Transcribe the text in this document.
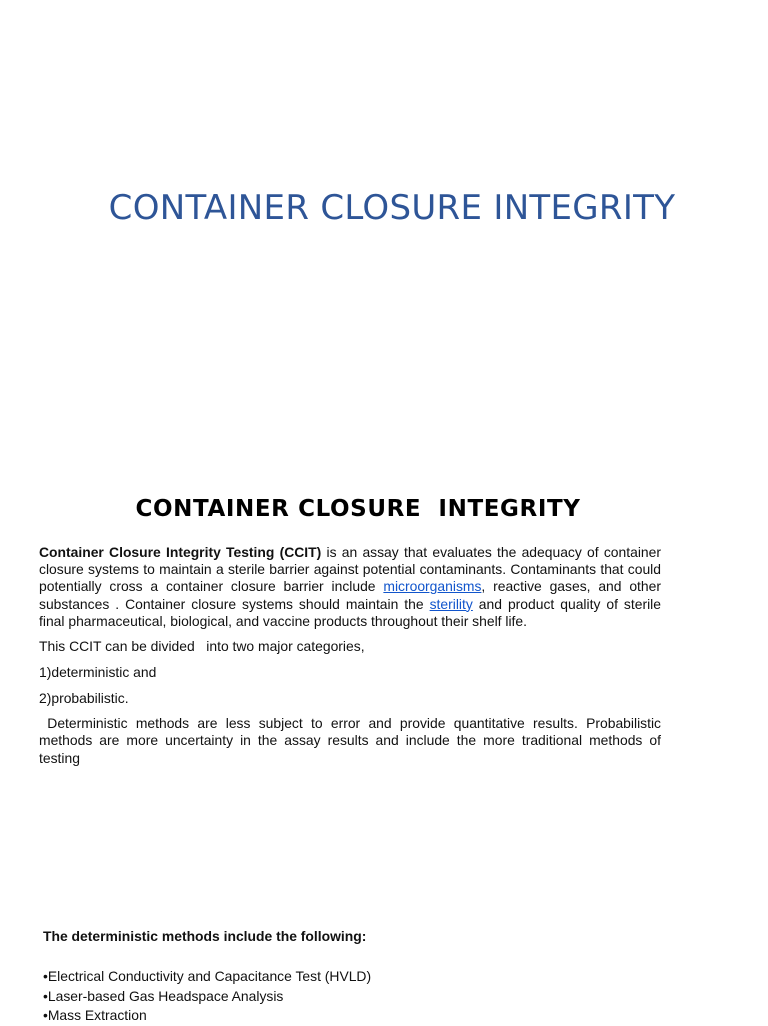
CONTAINER CLOSURE INTEGRITY
CONTAINER CLOSURE  INTEGRITY

Container Closure Integrity Testing (CCIT) is an assay that evaluates the adequacy of container closure systems to maintain a sterile barrier against potential contaminants. Contaminants that could potentially cross a container closure barrier include microorganisms, reactive gases, and other substances . Container closure systems should maintain the sterility and product quality of sterile final pharmaceutical, biological, and vaccine products throughout their shelf life.

This CCIT can be divided   into two major categories,

1)deterministic and

2)probabilistic.

Deterministic methods are less subject to error and provide quantitative results. Probabilistic methods are more uncertainty in the assay results and include the more traditional methods of testing

The deterministic methods include the following:

•Electrical Conductivity and Capacitance Test (HVLD)
•Laser-based Gas Headspace Analysis
•Mass Extraction
